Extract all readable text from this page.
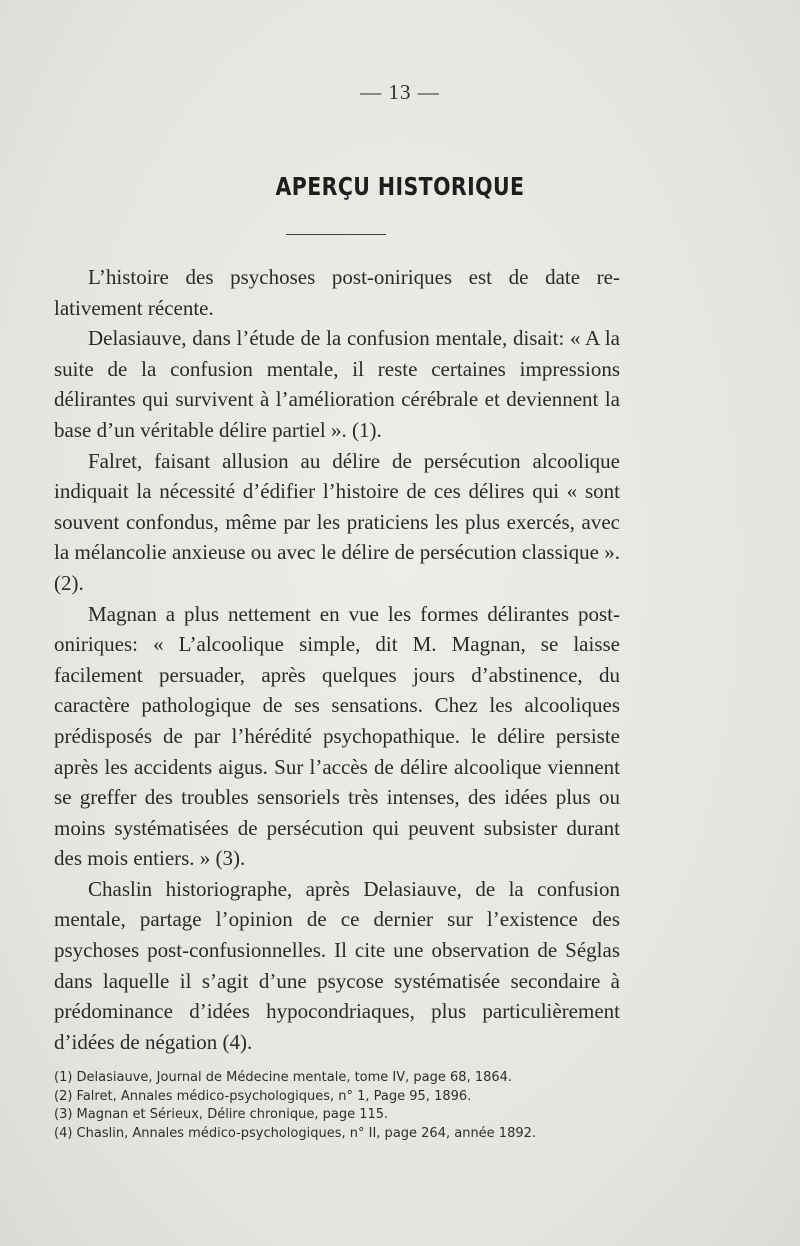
— 13 —
APERÇU HISTORIQUE

L’histoire des psychoses post-oniriques est de date relativement récente.

Delasiauve, dans l’étude de la confusion mentale, disait: « A la suite de la confusion mentale, il reste certaines impressions délirantes qui survivent à l’amélioration cérébrale et deviennent la base d’un véritable délire partiel ». (1).

Falret, faisant allusion au délire de persécution alcoolique indiquait la nécessité d’édifier l’histoire de ces délires qui « sont souvent confondus, même par les praticiens les plus exercés, avec la mélancolie anxieuse ou avec le délire de persécution classique ». (2).

Magnan a plus nettement en vue les formes délirantes post-oniriques: « L’alcoolique simple, dit M. Magnan, se laisse facilement persuader, après quelques jours d’abstinence, du caractère pathologique de ses sensations. Chez les alcooliques prédisposés de par l’hérédité psychopathique. le délire persiste après les accidents aigus. Sur l’accès de délire alcoolique viennent se greffer des troubles sensoriels très intenses, des idées plus ou moins systématisées de persécution qui peuvent subsister durant des mois entiers. » (3).

Chaslin historiographe, après Delasiauve, de la confusion mentale, partage l’opinion de ce dernier sur l’existence des psychoses post-confusionnelles. Il cite une observation de Séglas dans laquelle il s’agit d’une psycose systématisée secondaire à prédominance d’idées hypocondriaques, plus particulièrement d’idées de négation (4).

(1) Delasiauve, Journal de Médecine mentale, tome IV, page 68, 1864.
(2) Falret, Annales médico-psychologiques, n° 1, Page 95, 1896.
(3) Magnan et Sérieux, Délire chronique, page 115.
(4) Chaslin, Annales médico-psychologiques, n° II, page 264, année 1892.
